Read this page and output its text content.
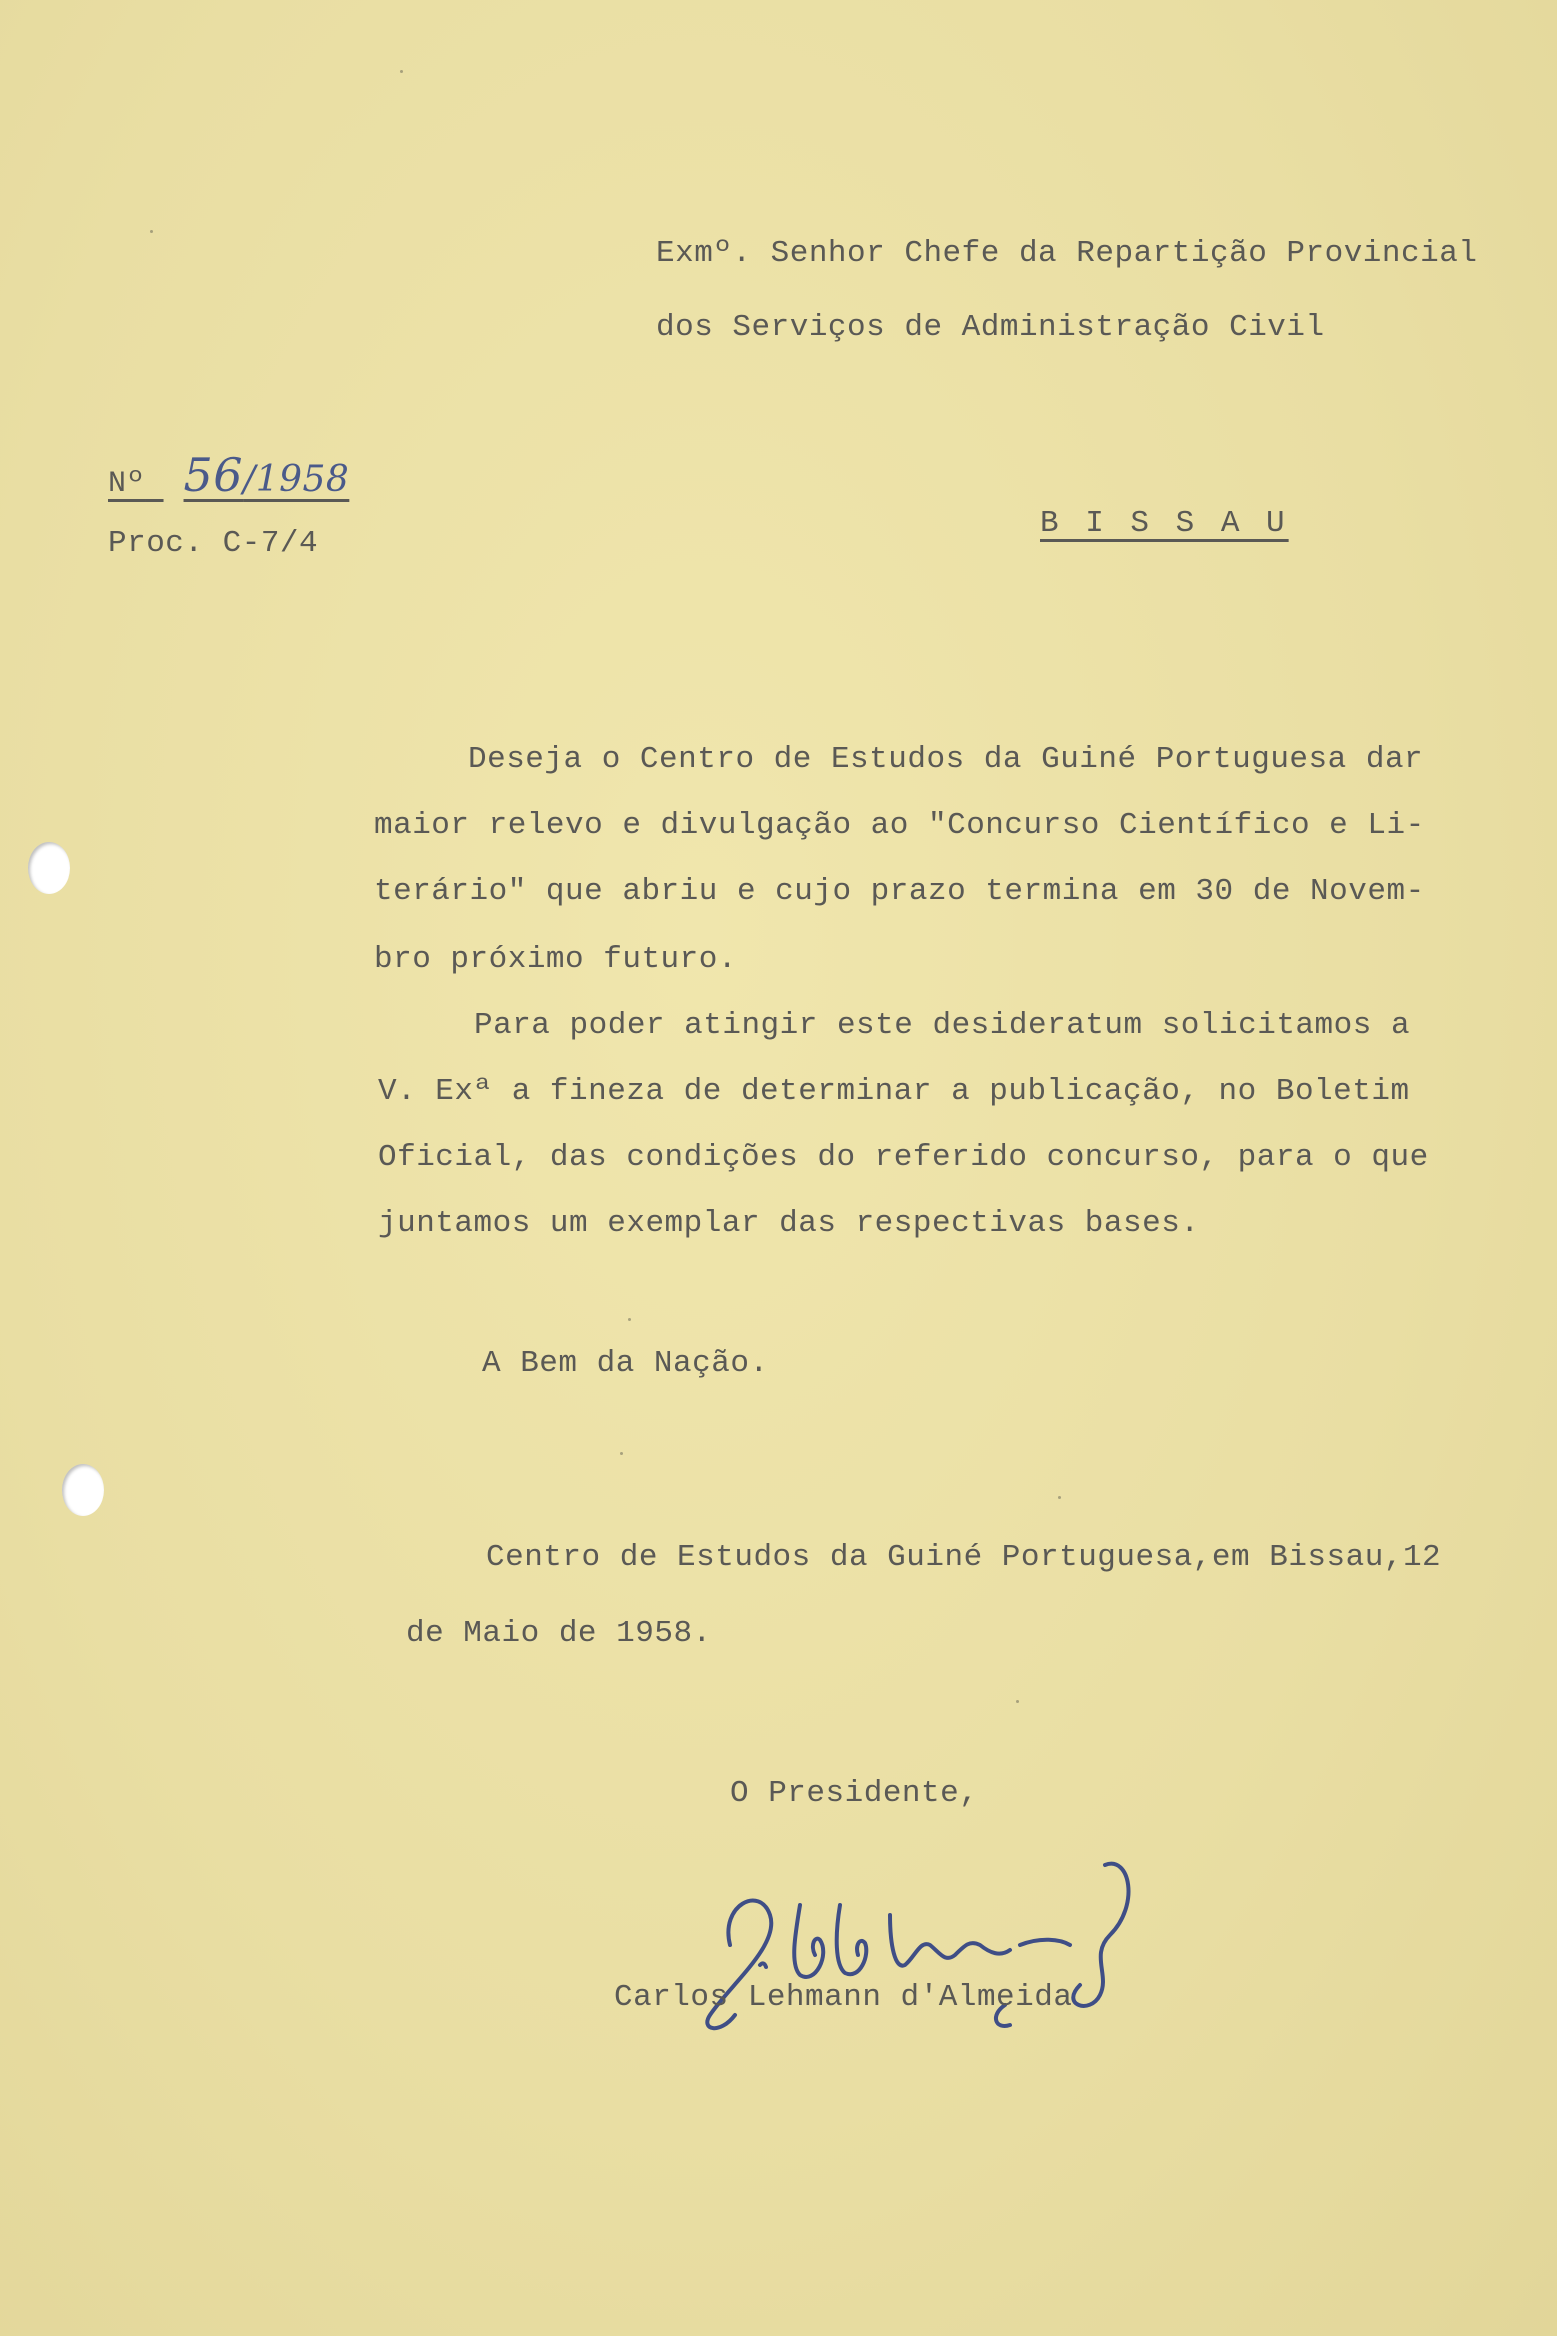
Exmº. Senhor Chefe da Repartição Provincial
dos Serviços de Administração Civil
Nº 56/1958
Proc. C-7/4
B I S S A U
Deseja o Centro de Estudos da Guiné Portuguesa dar
maior relevo e divulgação ao "Concurso Científico e Li-
terário" que abriu e cujo prazo termina em 30 de Novem-
bro próximo futuro.
Para poder atingir este desideratum solicitamos a
V. Exª a fineza de determinar a publicação, no Boletim
Oficial, das condições do referido concurso, para o que
juntamos um exemplar das respectivas bases.
A Bem da Nação.
Centro de Estudos da Guiné Portuguesa,em Bissau,12
de Maio de 1958.
O Presidente,
Carlos Lehmann d'Almeida
